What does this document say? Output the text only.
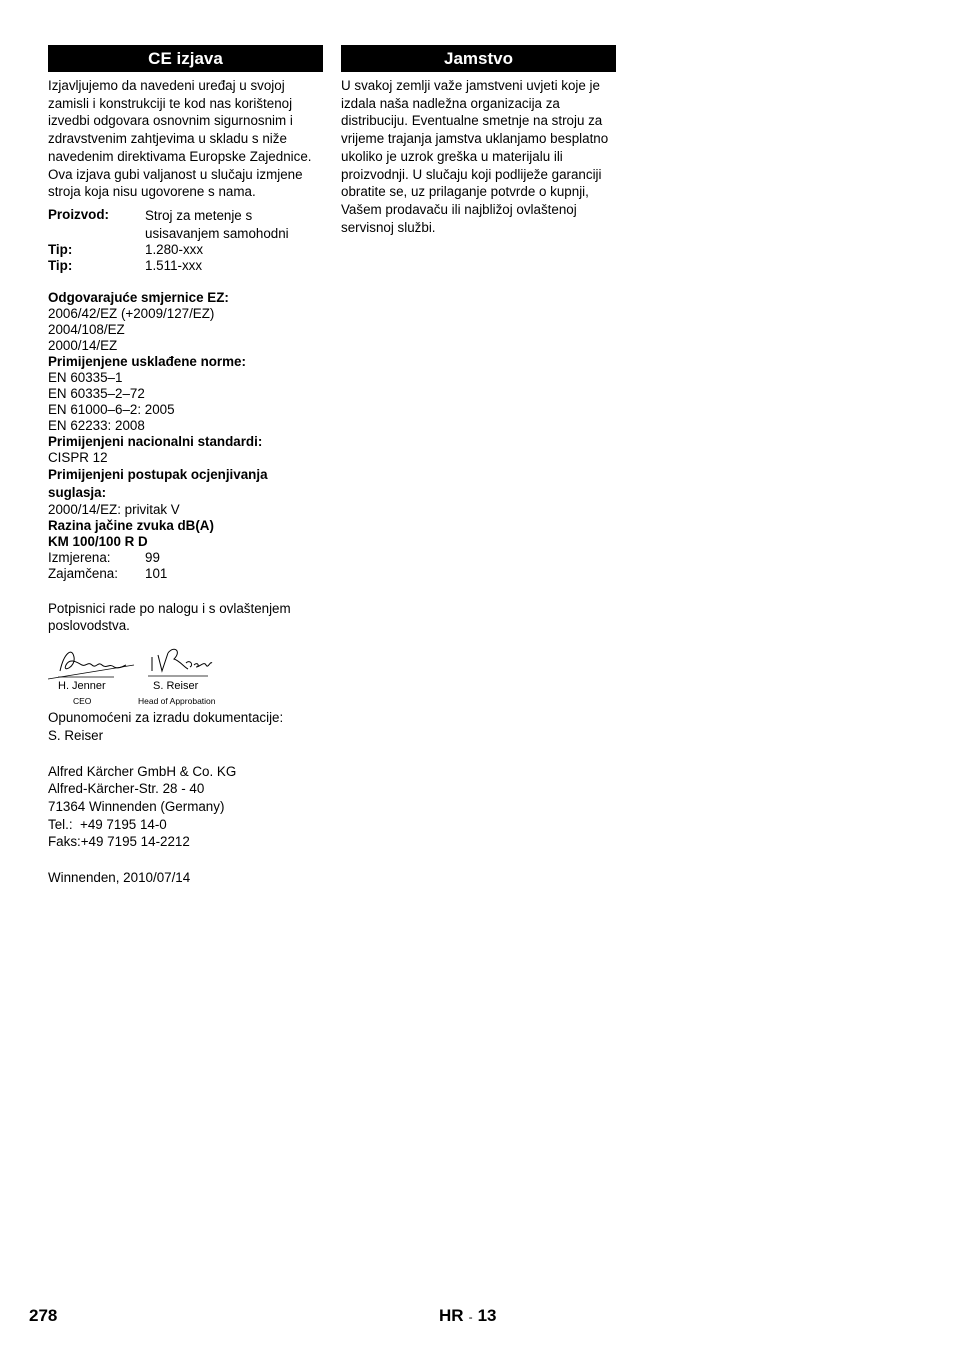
CE izjava

Izjavljujemo da navedeni uređaj u svojoj zamisli i konstrukciji te kod nas korištenoj izvedbi odgovara osnovnim sigurnosnim i zdravstvenim zahtjevima u skladu s niže navedenim direktivama Europske Zajednice. Ova izjava gubi valjanost u slučaju izmjene stroja koja nisu ugovorene s nama.

Proizvod:	Stroj za metenje s usisavanjem samohodni
Tip:	1.280-xxx
Tip:	1.511-xxx
Odgovarajuće smjernice EZ:
2006/42/EZ (+2009/127/EZ)
2004/108/EZ
2000/14/EZ
Primijenjene usklađene norme:
EN 60335–1
EN 60335–2–72
EN 61000–6–2: 2005
EN 62233: 2008
Primijenjeni nacionalni standardi:
CISPR 12
Primijenjeni postupak ocjenjivanja suglasja:
2000/14/EZ: privitak V
Razina jačine zvuka dB(A)
KM 100/100 R D
Izmjerena:	99
Zajamčena:	101

Potpisnici rade po nalogu i s ovlaštenjem poslovodstva.

i.V. Reiser
H. Jenner	S. Reiser
CEO	Head of Approbation

Opunomoćeni za izradu dokumentacije:

S. Reiser

Alfred Kärcher GmbH & Co. KG
Alfred-Kärcher-Str. 28 - 40
71364 Winnenden (Germany)
Tel.:  +49 7195 14-0
Faks:+49 7195 14-2212

Winnenden, 2010/07/14

Jamstvo

U svakoj zemlji važe jamstveni uvjeti koje je izdala naša nadležna organizacija za distribuciju. Eventualne smetnje na stroju za vrijeme trajanja jamstva uklanjamo besplatno ukoliko je uzrok greška u materijalu ili proizvodnji. U slučaju koji podliježe garanciji obratite se, uz prilaganje potvrde o kupnji, Vašem prodavaču ili najbližoj ovlaštenoj servisnoj službi.

278	HR - 13
